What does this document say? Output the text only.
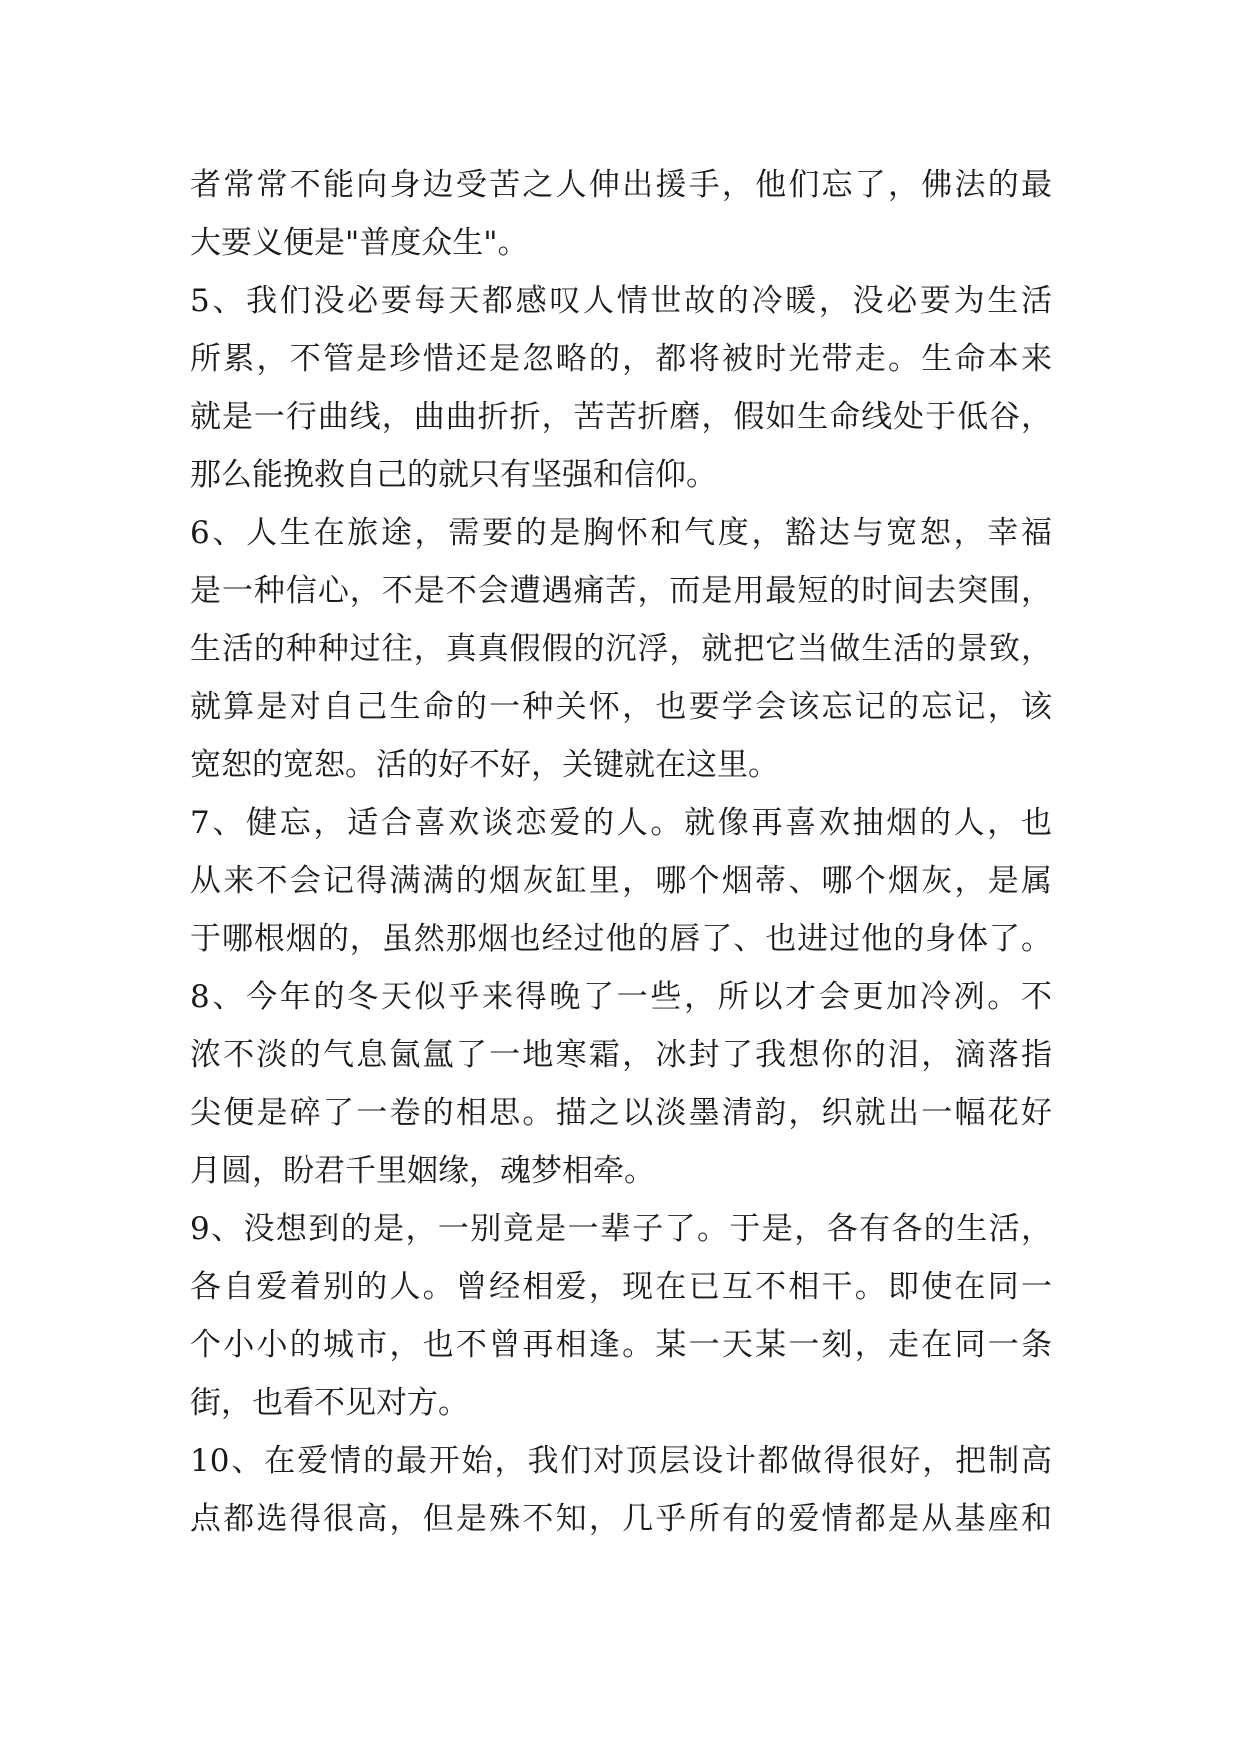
者常常不能向身边受苦之人伸出援手，他们忘了，佛法的最
大要义便是"普度众生"。
5、我们没必要每天都感叹人情世故的冷暖，没必要为生活
所累，不管是珍惜还是忽略的，都将被时光带走。生命本来
就是一行曲线，曲曲折折，苦苦折磨，假如生命线处于低谷，
那么能挽救自己的就只有坚强和信仰。
6、人生在旅途，需要的是胸怀和气度，豁达与宽恕，幸福
是一种信心，不是不会遭遇痛苦，而是用最短的时间去突围，
生活的种种过往，真真假假的沉浮，就把它当做生活的景致，
就算是对自己生命的一种关怀，也要学会该忘记的忘记，该
宽恕的宽恕。活的好不好，关键就在这里。
7、健忘，适合喜欢谈恋爱的人。就像再喜欢抽烟的人，也
从来不会记得满满的烟灰缸里，哪个烟蒂、哪个烟灰，是属
于哪根烟的，虽然那烟也经过他的唇了、也进过他的身体了。
8、今年的冬天似乎来得晚了一些，所以才会更加冷冽。不
浓不淡的气息氤氲了一地寒霜，冰封了我想你的泪，滴落指
尖便是碎了一卷的相思。描之以淡墨清韵，织就出一幅花好
月圆，盼君千里姻缘，魂梦相牵。
9、没想到的是，一别竟是一辈子了。于是，各有各的生活，
各自爱着别的人。曾经相爱，现在已互不相干。即使在同一
个小小的城市，也不曾再相逢。某一天某一刻，走在同一条
街，也看不见对方。
10、在爱情的最开始，我们对顶层设计都做得很好，把制高
点都选得很高，但是殊不知，几乎所有的爱情都是从基座和
